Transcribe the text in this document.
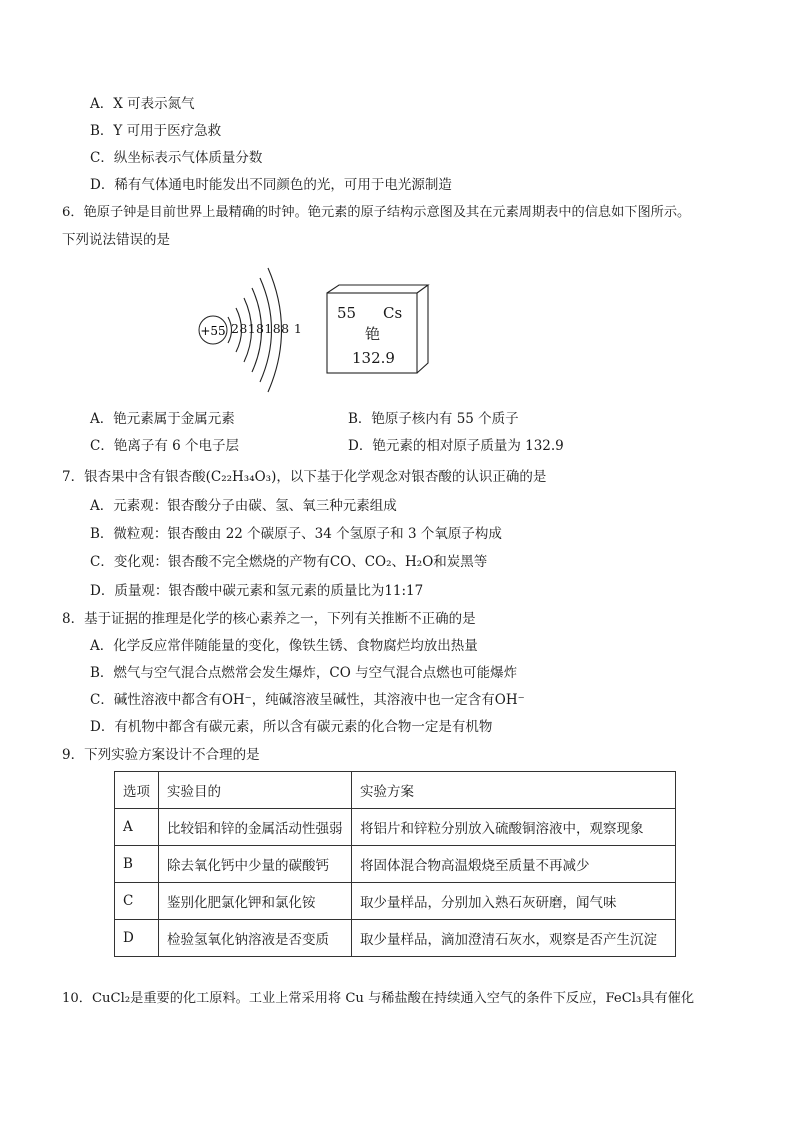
A．X 可表示氮气
B．Y 可用于医疗急救
C．纵坐标表示气体质量分数
D．稀有气体通电时能发出不同颜色的光，可用于电光源制造
6．铯原子钟是目前世界上最精确的时钟。铯元素的原子结构示意图及其在元素周期表中的信息如下图所示。
下列说法错误的是
+55 2818188 1
55 Cs
铯
132.9
A．铯元素属于金属元素	B．铯原子核内有 55 个质子
C．铯离子有 6 个电子层	D．铯元素的相对原子质量为 132.9
7．银杏果中含有银杏酸(C₂₂H₃₄O₃)，以下基于化学观念对银杏酸的认识正确的是
A．元素观：银杏酸分子由碳、氢、氧三种元素组成
B．微粒观：银杏酸由 22 个碳原子、34 个氢原子和 3 个氧原子构成
C．变化观：银杏酸不完全燃烧的产物有CO、CO₂、H₂O和炭黑等
D．质量观：银杏酸中碳元素和氢元素的质量比为11:17
8．基于证据的推理是化学的核心素养之一，下列有关推断不正确的是
A．化学反应常伴随能量的变化，像铁生锈、食物腐烂均放出热量
B．燃气与空气混合点燃常会发生爆炸，CO 与空气混合点燃也可能爆炸
C．碱性溶液中都含有OH⁻，纯碱溶液呈碱性，其溶液中也一定含有OH⁻
D．有机物中都含有碳元素，所以含有碳元素的化合物一定是有机物
9．下列实验方案设计不合理的是
选项	实验目的	实验方案
A	比较铝和锌的金属活动性强弱	将铝片和锌粒分别放入硫酸铜溶液中，观察现象
B	除去氧化钙中少量的碳酸钙	将固体混合物高温煅烧至质量不再减少
C	鉴别化肥氯化钾和氯化铵	取少量样品，分别加入熟石灰研磨，闻气味
D	检验氢氧化钠溶液是否变质	取少量样品，滴加澄清石灰水，观察是否产生沉淀
10．CuCl₂是重要的化工原料。工业上常采用将 Cu 与稀盐酸在持续通入空气的条件下反应，FeCl₃具有催化
